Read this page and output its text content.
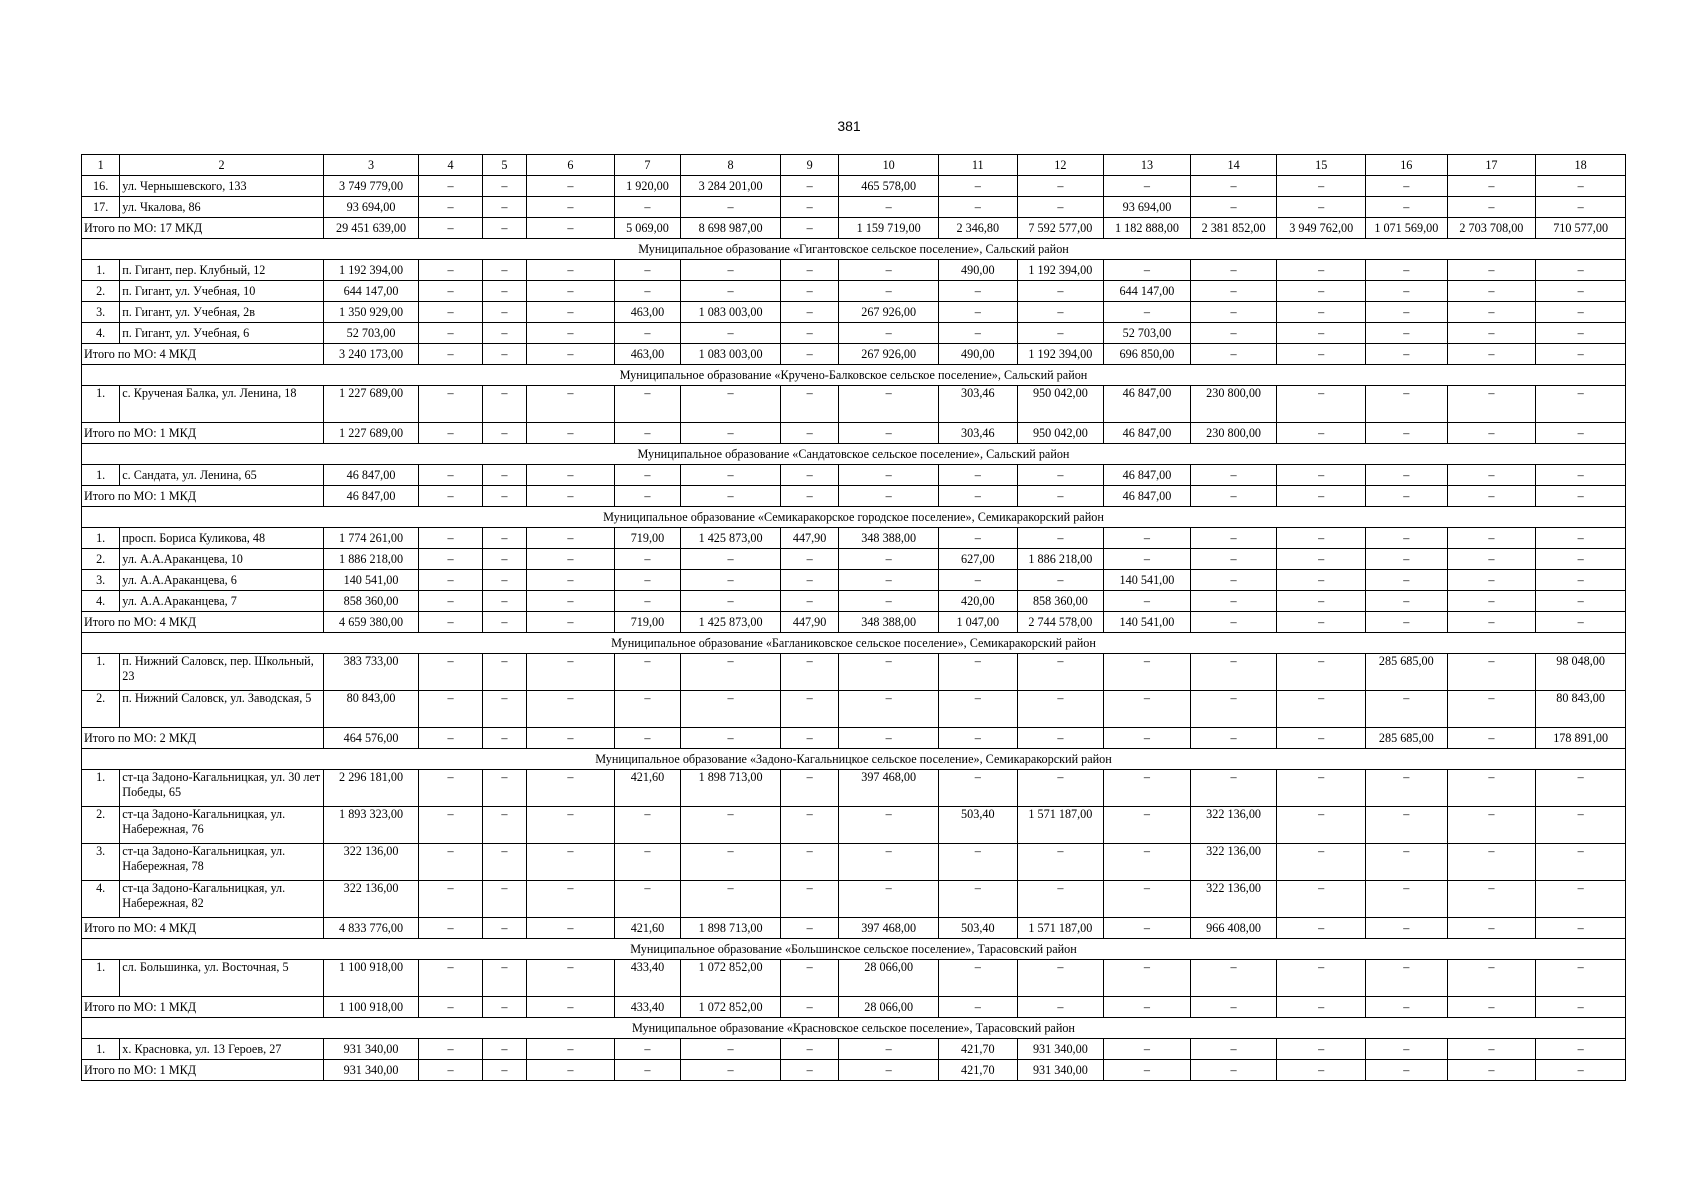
381
1	2	3	4	5	6	7	8	9	10	11	12	13	14	15	16	17	18
16.	ул. Чернышевского, 133	3 749 779,00	–	–	–	1 920,00	3 284 201,00	–	465 578,00	–	–	–	–	–	–	–	–
17.	ул. Чкалова, 86	93 694,00	–	–	–	–	–	–	–	–	–	93 694,00	–	–	–	–	–
Итого по МО: 17 МКД		29 451 639,00	–	–	–	5 069,00	8 698 987,00	–	1 159 719,00	2 346,80	7 592 577,00	1 182 888,00	2 381 852,00	3 949 762,00	1 071 569,00	2 703 708,00	710 577,00
Муниципальное образование «Гигантовское сельское поселение», Сальский район																	
1.	п. Гигант, пер. Клубный, 12	1 192 394,00	–	–	–	–	–	–	–	490,00	1 192 394,00	–	–	–	–	–	–
2.	п. Гигант, ул. Учебная, 10	644 147,00	–	–	–	–	–	–	–	–	–	644 147,00	–	–	–	–	–
3.	п. Гигант, ул. Учебная, 2в	1 350 929,00	–	–	–	463,00	1 083 003,00	–	267 926,00	–	–	–	–	–	–	–	–
4.	п. Гигант, ул. Учебная, 6	52 703,00	–	–	–	–	–	–	–	–	–	52 703,00	–	–	–	–	–
Итого по МО: 4 МКД		3 240 173,00	–	–	–	463,00	1 083 003,00	–	267 926,00	490,00	1 192 394,00	696 850,00	–	–	–	–	–
Муниципальное образование «Кручено-Балковское сельское поселение», Сальский район																	
1.	с. Крученая Балка, ул. Ленина, 18	1 227 689,00	–	–	–	–	–	–	–	303,46	950 042,00	46 847,00	230 800,00	–	–	–	–
Итого по МО: 1 МКД		1 227 689,00	–	–	–	–	–	–	–	303,46	950 042,00	46 847,00	230 800,00	–	–	–	–
Муниципальное образование «Сандатовское сельское поселение», Сальский район																	
1.	с. Сандата, ул. Ленина, 65	46 847,00	–	–	–	–	–	–	–	–	–	46 847,00	–	–	–	–	–
Итого по МО: 1 МКД		46 847,00	–	–	–	–	–	–	–	–	–	46 847,00	–	–	–	–	–
Муниципальное образование «Семикаракорское городское поселение», Семикаракорский район																	
1.	просп. Бориса Куликова, 48	1 774 261,00	–	–	–	719,00	1 425 873,00	447,90	348 388,00	–	–	–	–	–	–	–	–
2.	ул. А.А.Араканцева, 10	1 886 218,00	–	–	–	–	–	–	–	627,00	1 886 218,00	–	–	–	–	–	–
3.	ул. А.А.Араканцева, 6	140 541,00	–	–	–	–	–	–	–	–	–	140 541,00	–	–	–	–	–
4.	ул. А.А.Араканцева, 7	858 360,00	–	–	–	–	–	–	–	420,00	858 360,00	–	–	–	–	–	–
Итого по МО: 4 МКД		4 659 380,00	–	–	–	719,00	1 425 873,00	447,90	348 388,00	1 047,00	2 744 578,00	140 541,00	–	–	–	–	–
Муниципальное образование «Багланиковское сельское поселение», Семикаракорский район																	
1.	п. Нижний Саловск, пер. Школьный, 23	383 733,00	–	–	–	–	–	–	–	–	–	–	–	–	285 685,00	–	98 048,00
2.	п. Нижний Саловск, ул. Заводская, 5	80 843,00	–	–	–	–	–	–	–	–	–	–	–	–	–	–	80 843,00
Итого по МО: 2 МКД		464 576,00	–	–	–	–	–	–	–	–	–	–	–	–	285 685,00	–	178 891,00
Муниципальное образование «Задоно-Кагальницкое сельское поселение», Семикаракорский район																	
1.	ст-ца Задоно-Кагальницкая, ул. 30 лет Победы, 65	2 296 181,00	–	–	–	421,60	1 898 713,00	–	397 468,00	–	–	–	–	–	–	–	–
2.	ст-ца Задоно-Кагальницкая, ул. Набережная, 76	1 893 323,00	–	–	–	–	–	–	–	503,40	1 571 187,00	–	322 136,00	–	–	–	–
3.	ст-ца Задоно-Кагальницкая, ул. Набережная, 78	322 136,00	–	–	–	–	–	–	–	–	–	–	322 136,00	–	–	–	–
4.	ст-ца Задоно-Кагальницкая, ул. Набережная, 82	322 136,00	–	–	–	–	–	–	–	–	–	–	322 136,00	–	–	–	–
Итого по МО: 4 МКД		4 833 776,00	–	–	–	421,60	1 898 713,00	–	397 468,00	503,40	1 571 187,00	–	966 408,00	–	–	–	–
Муниципальное образование «Большинское сельское поселение», Тарасовский район																	
1.	сл. Большинка, ул. Восточная, 5	1 100 918,00	–	–	–	433,40	1 072 852,00	–	28 066,00	–	–	–	–	–	–	–	–
Итого по МО: 1 МКД		1 100 918,00	–	–	–	433,40	1 072 852,00	–	28 066,00	–	–	–	–	–	–	–	–
Муниципальное образование «Красновское сельское поселение», Тарасовский район																	
1.	х. Красновка, ул. 13 Героев, 27	931 340,00	–	–	–	–	–	–	–	421,70	931 340,00	–	–	–	–	–	–
Итого по МО: 1 МКД		931 340,00	–	–	–	–	–	–	–	421,70	931 340,00	–	–	–	–	–	–
